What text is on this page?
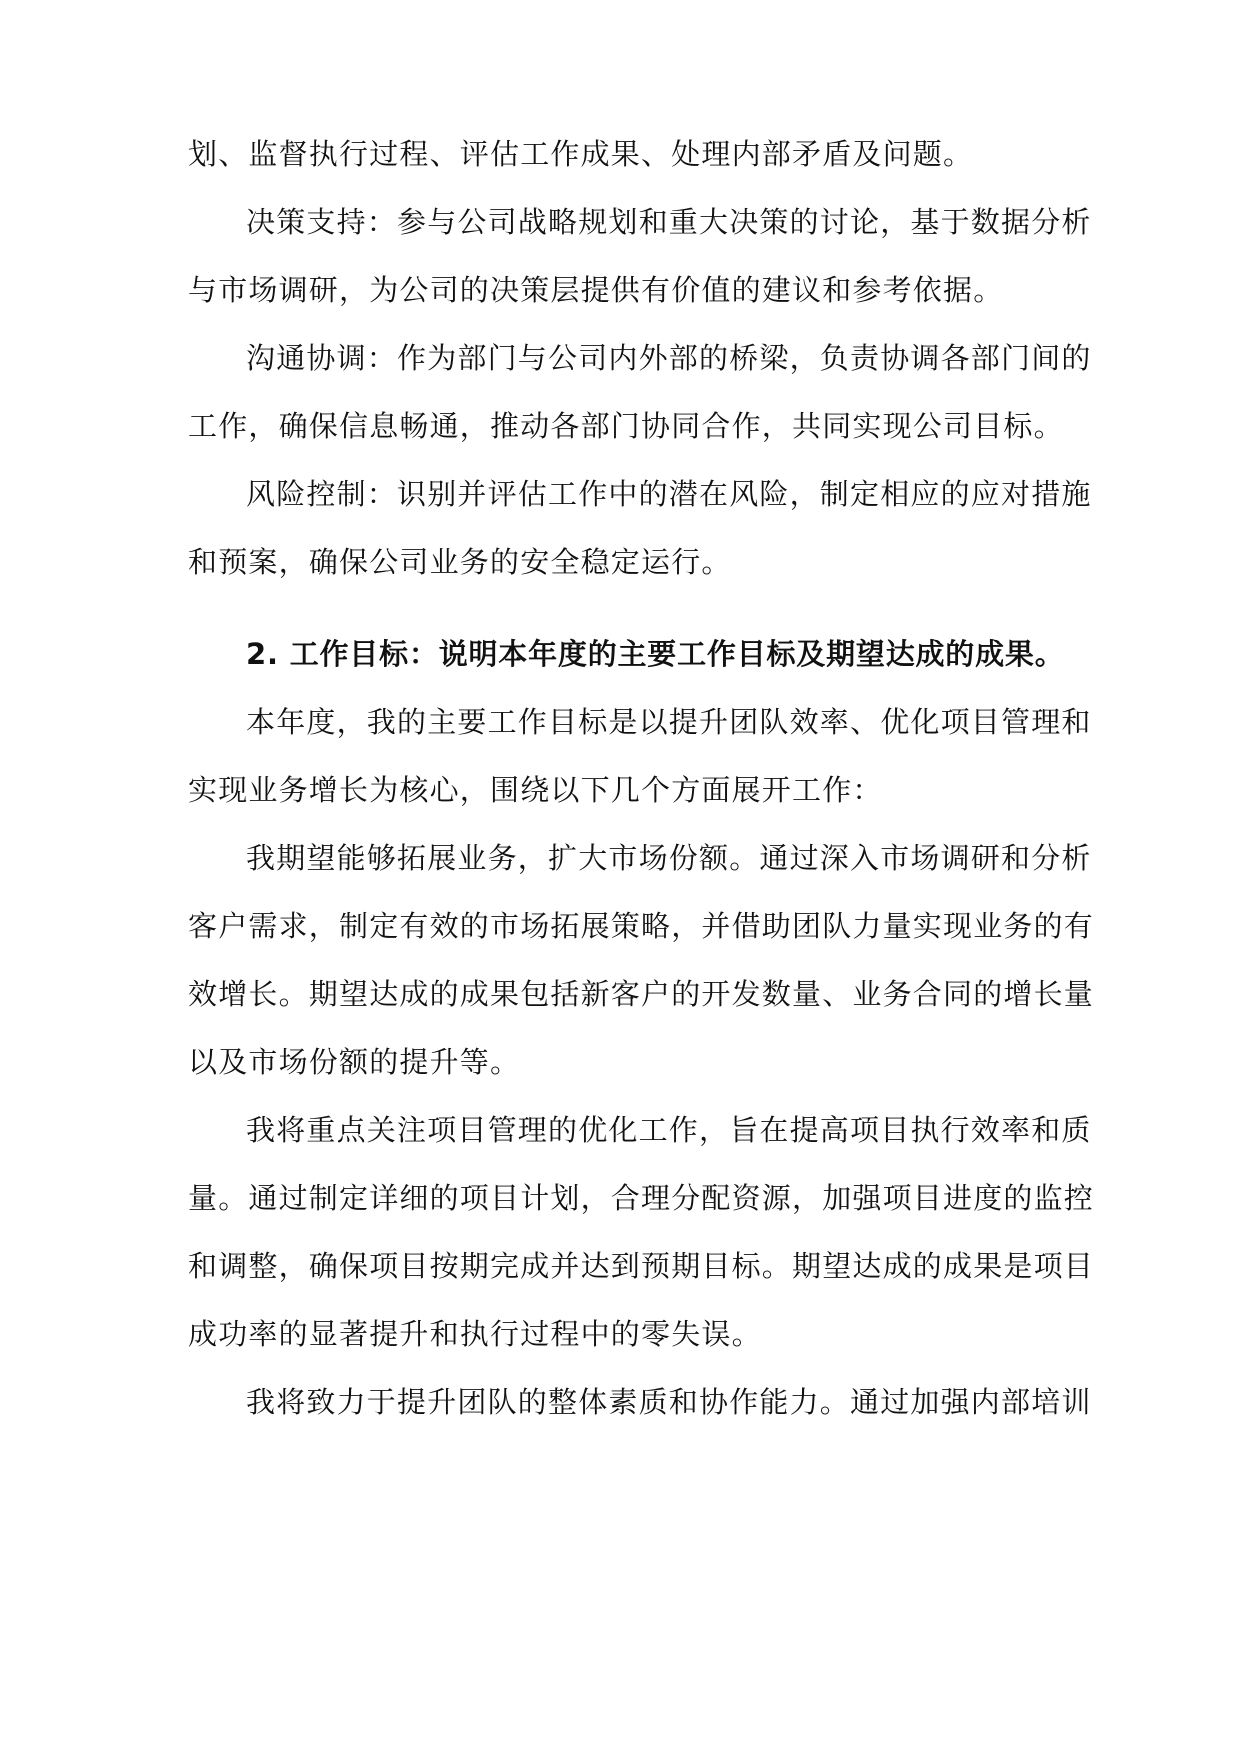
划、监督执行过程、评估工作成果、处理内部矛盾及问题。
决策支持：参与公司战略规划和重大决策的讨论，基于数据分析
与市场调研，为公司的决策层提供有价值的建议和参考依据。
沟通协调：作为部门与公司内外部的桥梁，负责协调各部门间的
工作，确保信息畅通，推动各部门协同合作，共同实现公司目标。
风险控制：识别并评估工作中的潜在风险，制定相应的应对措施
和预案，确保公司业务的安全稳定运行。
2. 工作目标：说明本年度的主要工作目标及期望达成的成果。
本年度，我的主要工作目标是以提升团队效率、优化项目管理和
实现业务增长为核心，围绕以下几个方面展开工作：
我期望能够拓展业务，扩大市场份额。通过深入市场调研和分析
客户需求，制定有效的市场拓展策略，并借助团队力量实现业务的有
效增长。期望达成的成果包括新客户的开发数量、业务合同的增长量
以及市场份额的提升等。
我将重点关注项目管理的优化工作，旨在提高项目执行效率和质
量。通过制定详细的项目计划，合理分配资源，加强项目进度的监控
和调整，确保项目按期完成并达到预期目标。期望达成的成果是项目
成功率的显著提升和执行过程中的零失误。
我将致力于提升团队的整体素质和协作能力。通过加强内部培训
